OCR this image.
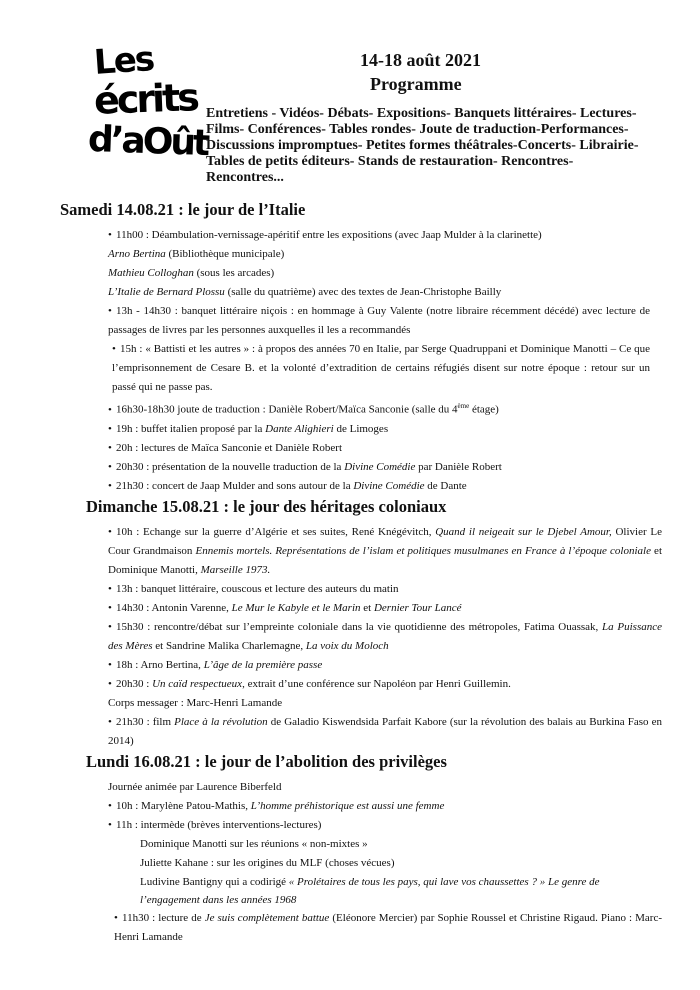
Les
écrits
d’aOût
14-18 août 2021
Programme
Entretiens - Vidéos- Débats- Expositions- Banquets littéraires- Lectures- Films- Conférences- Tables rondes- Joute de traduction-Performances- Discussions impromptues- Petites formes théâtrales-Concerts- Librairie- Tables de petits éditeurs- Stands de restauration- Rencontres- Rencontres...
Samedi 14.08.21 : le jour de l’Italie
• 11h00 : Déambulation-vernissage-apéritif entre les expositions (avec Jaap Mulder à la clarinette)
Arno Bertina (Bibliothèque municipale)
Mathieu Colloghan (sous les arcades)
L’Italie de Bernard Plossu (salle du quatrième) avec des textes de Jean-Christophe Bailly
• 13h - 14h30 : banquet littéraire niçois : en hommage à Guy Valente (notre libraire récemment décédé) avec lecture de passages de livres par les personnes auxquelles il les a recommandés
• 15h : « Battisti et les autres » : à propos des années 70 en Italie, par Serge Quadruppani et Dominique Manotti – Ce que l’emprisonnement de Cesare B. et la volonté d’extradition de certains réfugiés disent sur notre époque : retour sur un passé qui ne passe pas.
• 16h30-18h30 joute de traduction : Danièle Robert/Maïca Sanconie (salle du 4ème étage)
• 19h : buffet italien proposé par la Dante Alighieri de Limoges
• 20h : lectures de Maïca Sanconie et Danièle Robert
• 20h30 : présentation de la nouvelle traduction de la Divine Comédie par Danièle Robert
• 21h30 : concert de Jaap Mulder and sons autour de la Divine Comédie de Dante
Dimanche 15.08.21 : le jour des héritages coloniaux
• 10h : Echange sur la guerre d’Algérie et ses suites, René Knégévitch, Quand il neigeait sur le Djebel Amour, Olivier Le Cour Grandmaison Ennemis mortels. Représentations de l’islam et politiques musulmanes en France à l’époque coloniale et Dominique Manotti, Marseille 1973.
• 13h : banquet littéraire, couscous et lecture des auteurs du matin
• 14h30 : Antonin Varenne, Le Mur le Kabyle et le Marin et Dernier Tour Lancé
• 15h30 : rencontre/débat sur l’empreinte coloniale dans la vie quotidienne des métropoles, Fatima Ouassak, La Puissance des Mères et Sandrine Malika Charlemagne, La voix du Moloch
• 18h : Arno Bertina, L’âge de la première passe
• 20h30 : Un caïd respectueux, extrait d’une conférence sur Napoléon par Henri Guillemin.
Corps messager : Marc-Henri Lamande
• 21h30 : film Place à la révolution de Galadio Kiswendsida Parfait Kabore (sur la révolution des balais au Burkina Faso en 2014)
Lundi 16.08.21 : le jour de l’abolition des privilèges
Journée animée par Laurence Biberfeld
• 10h : Marylène Patou-Mathis, L’homme préhistorique est aussi une femme
• 11h : intermède (brèves interventions-lectures)
Dominique Manotti sur les réunions « non-mixtes »
Juliette Kahane : sur les origines du MLF (choses vécues)
Ludivine Bantigny qui a codirigé « Prolétaires de tous les pays, qui lave vos chaussettes ? » Le genre de l’engagement dans les années 1968
• 11h30 : lecture de Je suis complètement battue (Eléonore Mercier) par Sophie Roussel et Christine Rigaud. Piano : Marc-Henri Lamande
